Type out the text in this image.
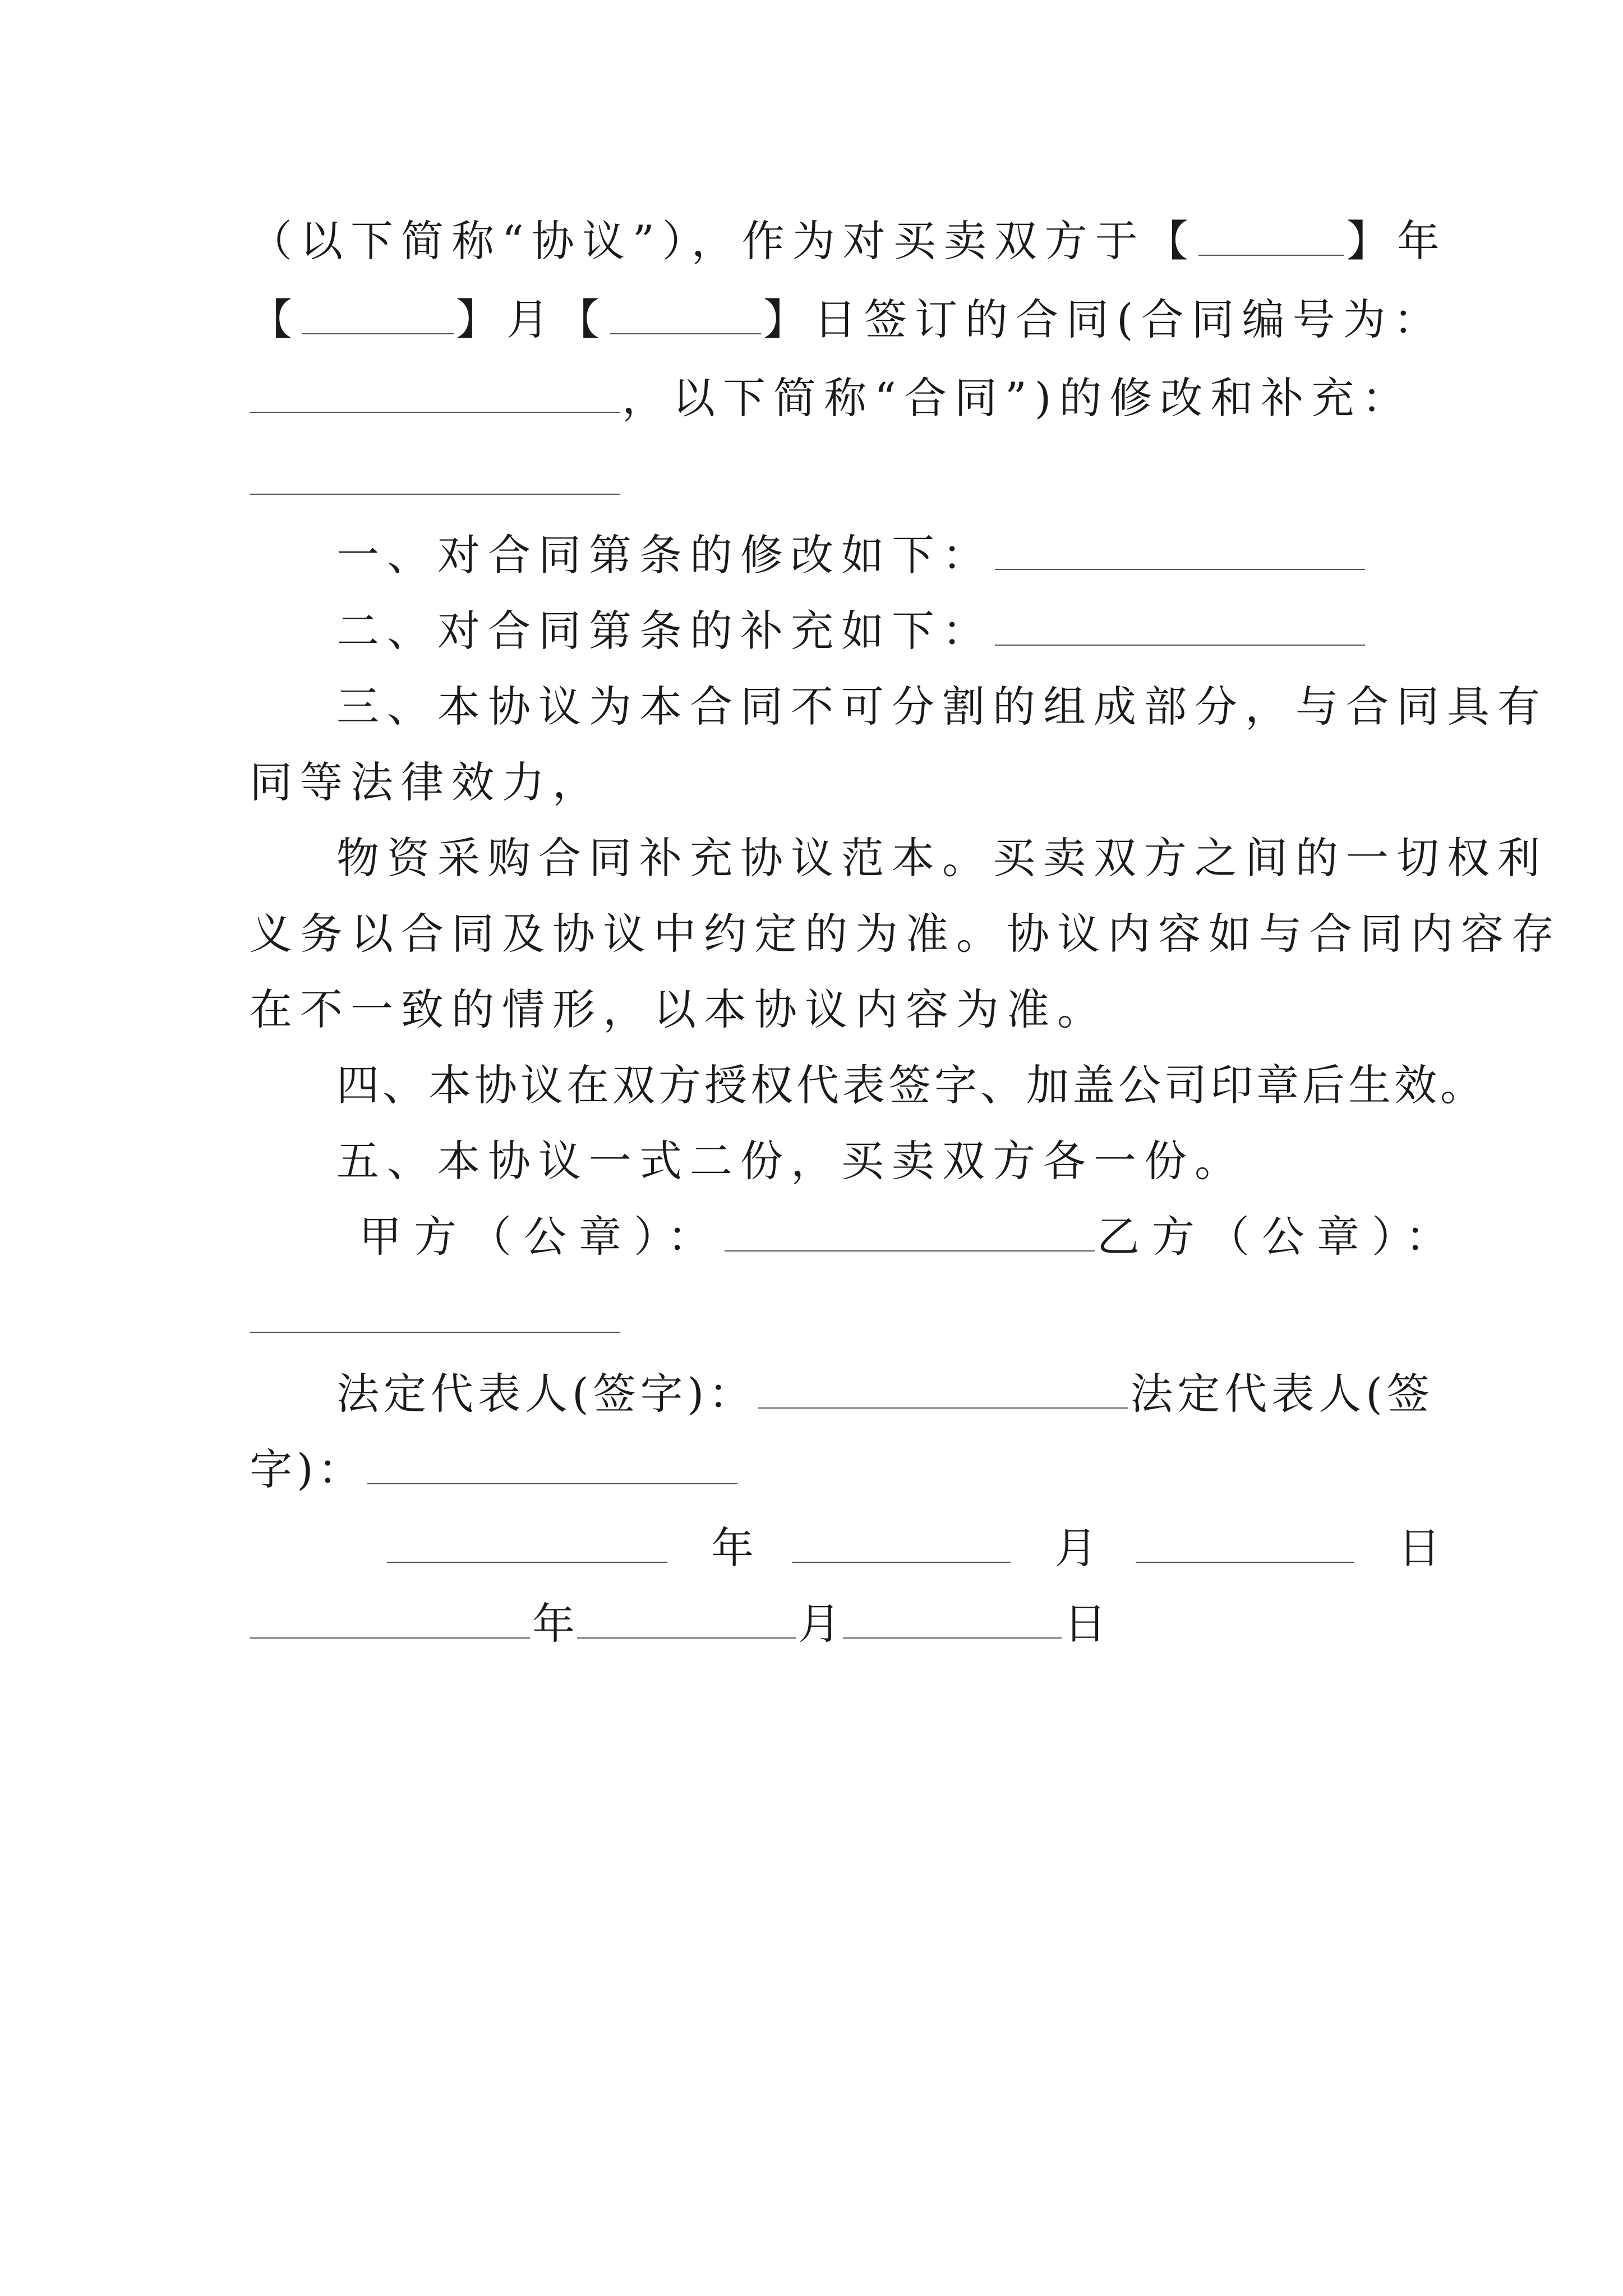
（以下简称“协议”），作为对买卖双方于 【	】年
【	】月【	】日签订的合同(合同编号为：
，以下简称“合同”)的修改和补充：
一、对合同第条的修改如下：
二、对合同第条的补充如下：
三、本协议为本合同不可分割的组成部分，与合同具有
同等法律效力，
物资采购合同补充协议范本。买卖双方之间的一切权利
义务以合同及协议中约定的为准。协议内容如与合同内容存
在不一致的情形，以本协议内容为准。
四、本协议在双方授权代表签字、加盖公司印章后生效。
五、本协议一式二份，买卖双方各一份。
甲方（公章）：	乙方（公章）：
法定代表人(签字)：	法定代表人(签
字)：
年	月	日
年	月	日
